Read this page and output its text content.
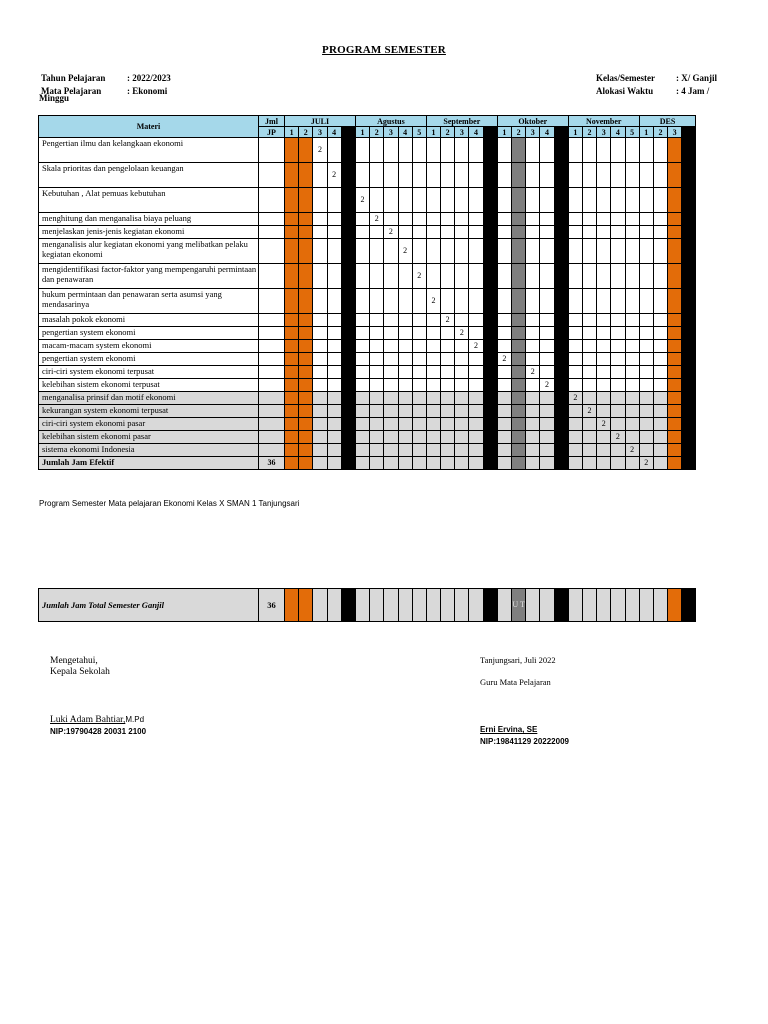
PROGRAM SEMESTER
Tahun Pelajaran	: 2022/2023
Mata Pelajaran	: Ekonomi
Minggu
Kelas/Semester	: X/ Ganjil
Alokasi Waktu	: 4 Jam /
Materi	Jml	JULI					Agustus					September					Oktober					November					DES			
	JP	1	2	3	4		1	2	3	4	5	1	2	3	4		1	2	3	4		1	2	3	4	5	1	2	3	
Pengertian ilmu dan kelangkaan ekonomi				2																										
Skala prioritas dan pengelolaan keuangan					2																									
Kebutuhan , Alat pemuas kebutuhan							2																							
menghitung dan menganalisa biaya peluang								2																						
menjelaskan jenis-jenis kegiatan ekonomi									2																					
menganalisis alur kegiatan ekonomi yang melibatkan pelaku kegiatan ekonomi										2																				
mengidentifikasi factor-faktor yang mempengaruhi permintaan dan penawaran											2																			
hukum permintaan dan penawaran serta asumsi yang mendasarinya												2																		
masalah pokok ekonomi													2																	
pengertian system ekonomi														2																
macam-macam system ekonomi															2															
pengertian system ekonomi																	2													
ciri-ciri system ekonomi terpusat																			2											
kelebihan sistem ekonomi terpusat																				2										
menganalisa prinsif dan motif ekonomi																						2								
kekurangan system ekonomi terpusat																							2							
ciri-ciri system ekonomi pasar																								2						
kelebihan sistem ekonomi pasar																									2					
sistema ekonomi Indonesia																										2				
Jumlah Jam Efektif	36																										2			
Program Semester Mata pelajaran Ekonomi Kelas X SMAN 1 Tanjungsari
Jumlah Jam Total Semester Ganjil	36																	U T												
Mengetahui,
Kepala Sekolah
Luki Adam Bahtiar,M.Pd
NIP:19790428 20031 2100
Tanjungsari, Juli 2022
Guru Mata Pelajaran
Erni Ervina, SE
NIP:19841129 20222009
